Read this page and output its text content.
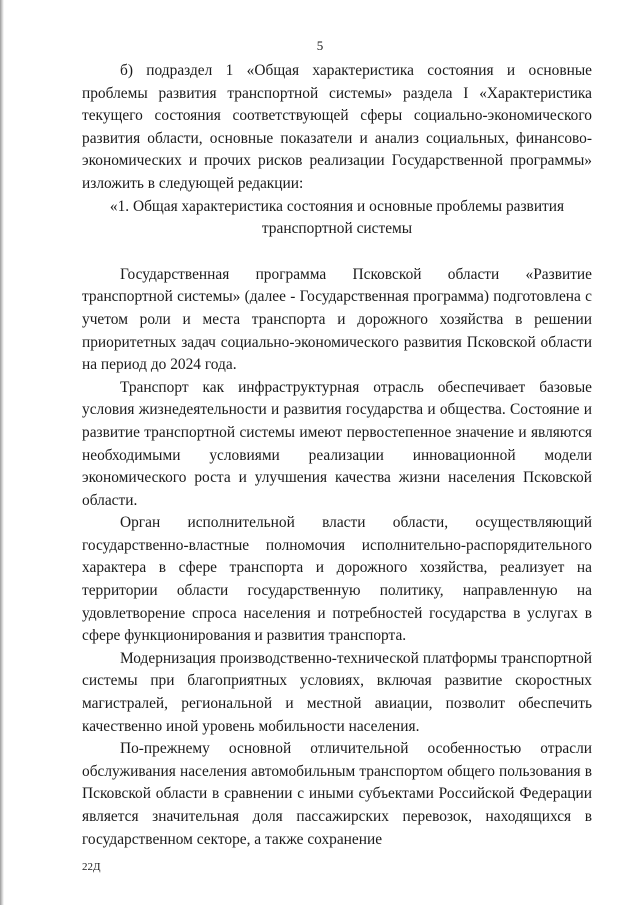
5

б) подраздел 1 «Общая характеристика состояния и основные проблемы развития транспортной системы» раздела I «Характеристика текущего состояния соответствующей сферы социально-экономического развития области, основные показатели и анализ социальных, финансово-экономических и прочих рисков реализации Государственной программы» изложить в следующей редакции:

«1. Общая характеристика состояния и основные проблемы развития

транспортной системы

Государственная программа Псковской области «Развитие транспортной системы» (далее - Государственная программа) подготовлена с учетом роли и места транспорта и дорожного хозяйства в решении приоритетных задач социально-экономического развития Псковской области на период до 2024 года.

Транспорт как инфраструктурная отрасль обеспечивает базовые условия жизнедеятельности и развития государства и общества. Состояние и развитие транспортной системы имеют первостепенное значение и являются необходимыми условиями реализации инновационной модели экономического роста и улучшения качества жизни населения Псковской области.

Орган исполнительной власти области, осуществляющий государственно-властные полномочия исполнительно-распорядительного характера в сфере транспорта и дорожного хозяйства, реализует на территории области государственную политику, направленную на удовлетворение спроса населения и потребностей государства в услугах в сфере функционирования и развития транспорта.

Модернизация производственно-технической платформы транспортной системы при благоприятных условиях, включая развитие скоростных магистралей, региональной и местной авиации, позволит обеспечить качественно иной уровень мобильности населения.

По-прежнему основной отличительной особенностью отрасли обслуживания населения автомобильным транспортом общего пользования в Псковской области в сравнении с иными субъектами Российской Федерации является значительная доля пассажирских перевозок, находящихся в государственном секторе, а также сохранение

22Д
